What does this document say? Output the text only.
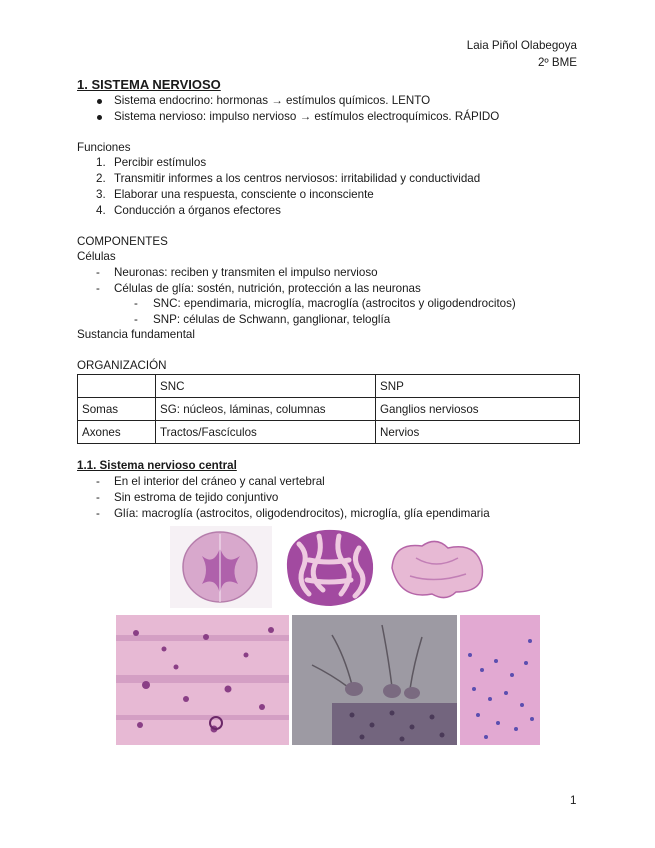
Laia Piñol Olabegoya
2º BME
1. SISTEMA NERVIOSO
Sistema endocrino: hormonas → estímulos químicos. LENTO
Sistema nervioso: impulso nervioso → estímulos electroquímicos. RÁPIDO
Funciones
1. Percibir estímulos
2. Transmitir informes a los centros nerviosos: irritabilidad y conductividad
3. Elaborar una respuesta, consciente o inconsciente
4. Conducción a órganos efectores
COMPONENTES
Células
- Neuronas: reciben y transmiten el impulso nervioso
- Células de glía: sostén, nutrición, protección a las neuronas
- SNC: ependimaria, microglía, macroglía (astrocitos y oligodendrocitos)
- SNP: células de Schwann, ganglionar, teloglía
Sustancia fundamental
ORGANIZACIÓN
	SNC	SNP
Somas	SG: núcleos, láminas, columnas	Ganglios nerviosos
Axones	Tractos/Fascículos	Nervios
1.1. Sistema nervioso central
- En el interior del cráneo y canal vertebral
- Sin estroma de tejido conjuntivo
- Glía: macroglía (astrocitos, oligodendrocitos), microglía, glía ependimaria
1
